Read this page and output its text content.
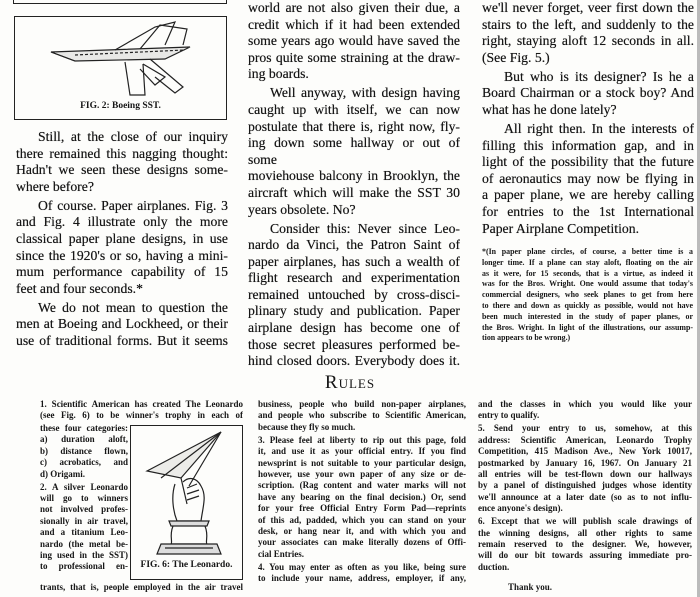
FIG. 2: Boeing SST.
Still, at the close of our inquiry
there remained this nagging thought:
Hadn't we seen these designs some-
where before?
Of course. Paper airplanes. Fig. 3
and Fig. 4 illustrate only the more
classical paper plane designs, in use
since the 1920's or so, having a mini-
mum performance capability of 15
feet and four seconds.*
We do not mean to question the
men at Boeing and Lockheed, or their
use of traditional forms. But it seems
world are not also given their due, a
credit which if it had been extended
some years ago would have saved the
pros quite some straining at the draw-
ing boards.
Well anyway, with design having
caught up with itself, we can now
postulate that there is, right now, fly-
ing down some hallway or out of some
moviehouse balcony in Brooklyn, the
aircraft which will make the SST 30
years obsolete. No?
Consider this: Never since Leo-
nardo da Vinci, the Patron Saint of
paper airplanes, has such a wealth of
flight research and experimentation
remained untouched by cross-disci-
plinary study and publication. Paper
airplane design has become one of
those secret pleasures performed be-
hind closed doors. Everybody does it.
we'll never forget, veer first down the
stairs to the left, and suddenly to the
right, staying aloft 12 seconds in all.
(See Fig. 5.)
But who is its designer? Is he a
Board Chairman or a stock boy? And
what has he done lately?
All right then. In the interests of
filling this information gap, and in
light of the possibility that the future
of aeronautics may now be flying in
a paper plane, we are hereby calling
for entries to the 1st International
Paper Airplane Competition.
*(In paper plane circles, of course, a better time is a
longer time. If a plane can stay aloft, floating on the air
as it were, for 15 seconds, that is a virtue, as indeed it
was for the Bros. Wright. One would assume that today's
commercial designers, who seek planes to get from here
to there and down as quickly as possible, would not have
been much interested in the study of paper planes, or
the Bros. Wright. In light of the illustrations, our assump-
tion appears to be wrong.)
Rules
1. Scientific American has created The Leonardo
(see Fig. 6) to be winner's trophy in each of
these four categories:
a) duration aloft,
b) distance flown,
c) acrobatics, and
d) Origami.
2. A silver Leonardo
will go to winners
not involved profes-
sionally in air travel,
and a titanium Leo-
nardo (the metal be-
ing used in the SST)
to professional en-
trants, that is, people employed in the air travel
FIG. 6: The Leonardo.
business, people who build non-paper airplanes,
and people who subscribe to Scientific American,
because they fly so much.
3. Please feel at liberty to rip out this page, fold
it, and use it as your official entry. If you find
newsprint is not suitable to your particular design,
however, use your own paper of any size or de-
scription. (Rag content and water marks will not
have any bearing on the final decision.) Or, send
for your free Official Entry Form Pad—reprints
of this ad, padded, which you can stand on your
desk, or hang near it, and with which you and
your associates can make literally dozens of Offi-
cial Entries.
4. You may enter as often as you like, being sure
to include your name, address, employer, if any,
and the classes in which you would like your
entry to qualify.
5. Send your entry to us, somehow, at this
address: Scientific American, Leonardo Trophy
Competition, 415 Madison Ave., New York 10017,
postmarked by January 16, 1967. On January 21
all entries will be test-flown down our hallways
by a panel of distinguished judges whose identity
we'll announce at a later date (so as to not influ-
ence anyone's design).
6. Except that we will publish scale drawings of
the winning designs, all other rights to same
remain reserved to the designer. We, however,
will do our bit towards assuring immediate pro-
duction.
Thank you.
